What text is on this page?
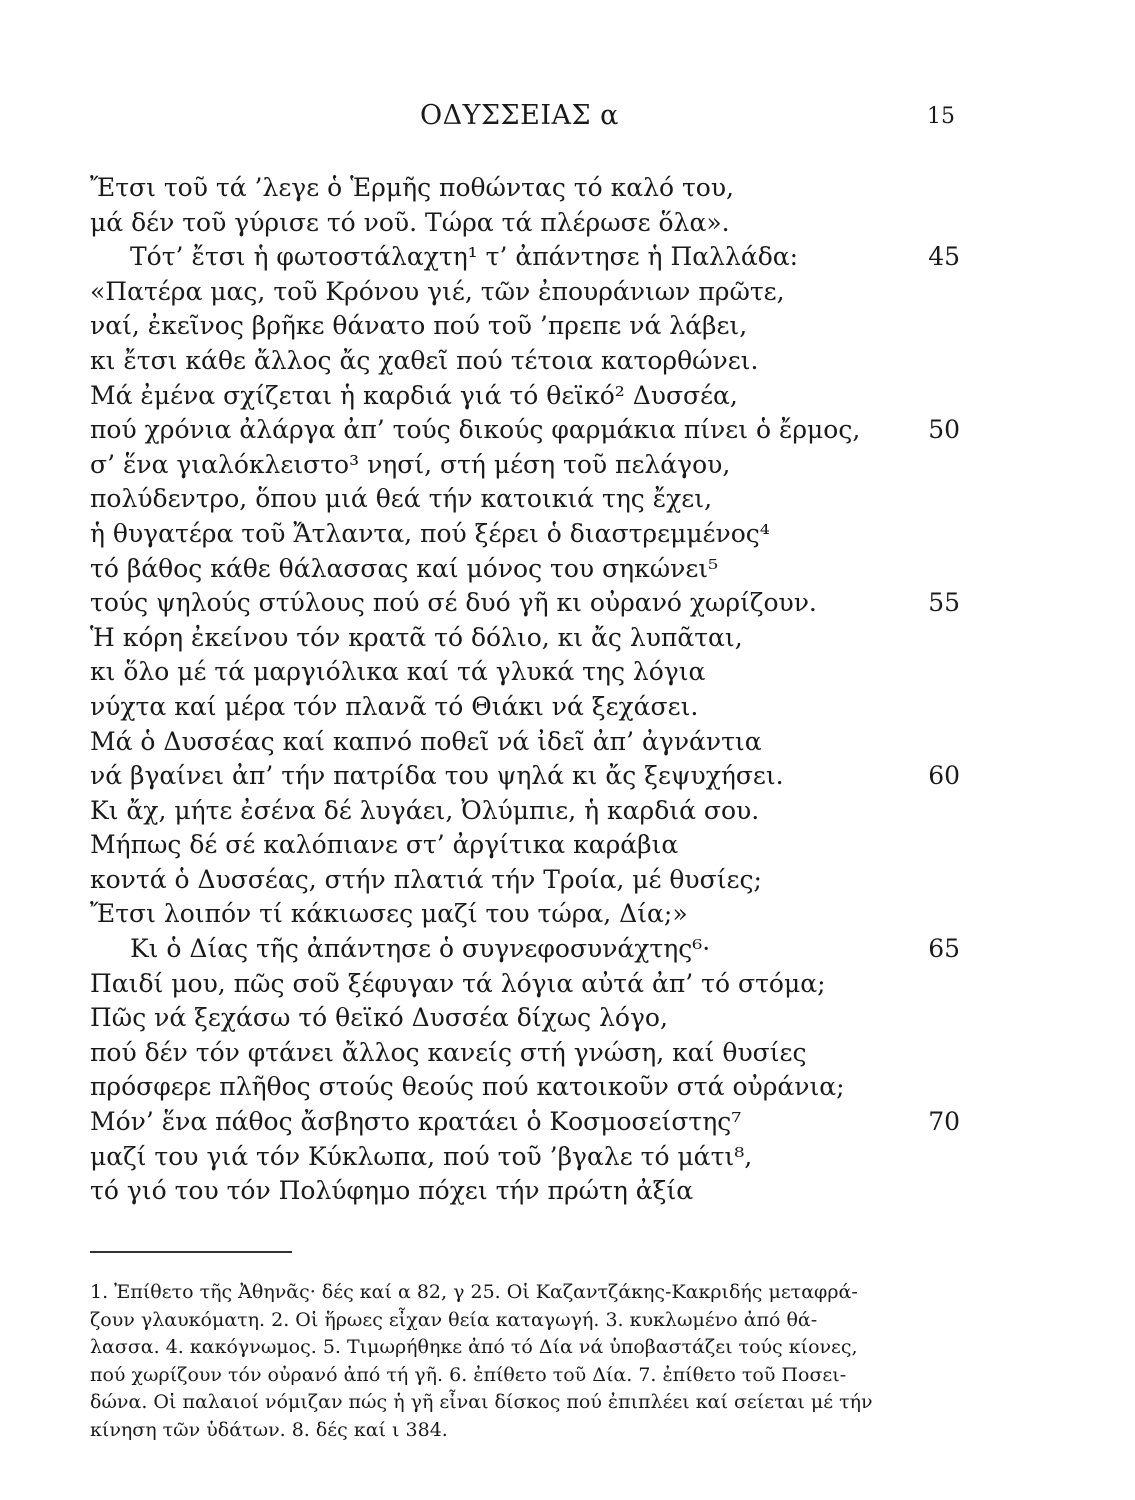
ΟΔΥΣΣΕΙΑΣ α	15
Ἔτσι τοῦ τά ’λεγε ὁ Ἑρμῆς ποθώντας τό καλό του,
μά δέν τοῦ γύρισε τό νοῦ. Τώρα τά πλέρωσε ὅλα».
Τότ’ ἔτσι ἡ φωτοστάλαχτη¹ τ’ ἀπάντησε ἡ Παλλάδα:	45
«Πατέρα μας, τοῦ Κρόνου γιέ, τῶν ἐπουράνιων πρῶτε,
ναί, ἐκεῖνος βρῆκε θάνατο πού τοῦ ’πρεπε νά λάβει,
κι ἔτσι κάθε ἄλλος ἄς χαθεῖ πού τέτοια κατορθώνει.
Μά ἐμένα σχίζεται ἡ καρδιά γιά τό θεϊκό² Δυσσέα,
πού χρόνια ἀλάργα ἀπ’ τούς δικούς φαρμάκια πίνει ὁ ἔρμος,	50
σ’ ἕνα γιαλόκλειστο³ νησί, στή μέση τοῦ πελάγου,
πολύδεντρο, ὅπου μιά θεά τήν κατοικιά της ἔχει,
ἡ θυγατέρα τοῦ Ἄτλαντα, πού ξέρει ὁ διαστρεμμένος⁴
τό βάθος κάθε θάλασσας καί μόνος του σηκώνει⁵
τούς ψηλούς στύλους πού σέ δυό γῆ κι οὐρανό χωρίζουν.	55
Ἡ κόρη ἐκείνου τόν κρατᾶ τό δόλιο, κι ἄς λυπᾶται,
κι ὅλο μέ τά μαργιόλικα καί τά γλυκά της λόγια
νύχτα καί μέρα τόν πλανᾶ τό Θιάκι νά ξεχάσει.
Μά ὁ Δυσσέας καί καπνό ποθεῖ νά ἰδεῖ ἀπ’ ἀγνάντια
νά βγαίνει ἀπ’ τήν πατρίδα του ψηλά κι ἄς ξεψυχήσει.	60
Κι ἄχ, μήτε ἐσένα δέ λυγάει, Ὀλύμπιε, ἡ καρδιά σου.
Μήπως δέ σέ καλόπιανε στ’ ἀργίτικα καράβια
κοντά ὁ Δυσσέας, στήν πλατιά τήν Τροία, μέ θυσίες;
Ἔτσι λοιπόν τί κάκιωσες μαζί του τώρα, Δία;»
Κι ὁ Δίας τῆς ἀπάντησε ὁ συγνεφοσυνάχτης⁶·	65
Παιδί μου, πῶς σοῦ ξέφυγαν τά λόγια αὐτά ἀπ’ τό στόμα;
Πῶς νά ξεχάσω τό θεϊκό Δυσσέα δίχως λόγο,
πού δέν τόν φτάνει ἄλλος κανείς στή γνώση, καί θυσίες
πρόσφερε πλῆθος στούς θεούς πού κατοικοῦν στά οὐράνια;
Μόν’ ἕνα πάθος ἄσβηστο κρατάει ὁ Κοσμοσείστης⁷	70
μαζί του γιά τόν Κύκλωπα, πού τοῦ ’βγαλε τό μάτι⁸,
τό γιό του τόν Πολύφημο πόχει τήν πρώτη ἀξία
1. Ἐπίθετο τῆς Ἀθηνᾶς· δές καί α 82, γ 25. Οἱ Καζαντζάκης-Κακριδής μεταφρά-
ζουν γλαυκόματη. 2. Οἱ ἥρωες εἶχαν θεία καταγωγή. 3. κυκλωμένο ἀπό θά-
λασσα. 4. κακόγνωμος. 5. Τιμωρήθηκε ἀπό τό Δία νά ὑποβαστάζει τούς κίονες,
πού χωρίζουν τόν οὐρανό ἀπό τή γῆ. 6. ἐπίθετο τοῦ Δία. 7. ἐπίθετο τοῦ Ποσει-
δώνα. Οἱ παλαιοί νόμιζαν πώς ἡ γῆ εἶναι δίσκος πού ἐπιπλέει καί σείεται μέ τήν
κίνηση τῶν ὑδάτων. 8. δές καί ι 384.
